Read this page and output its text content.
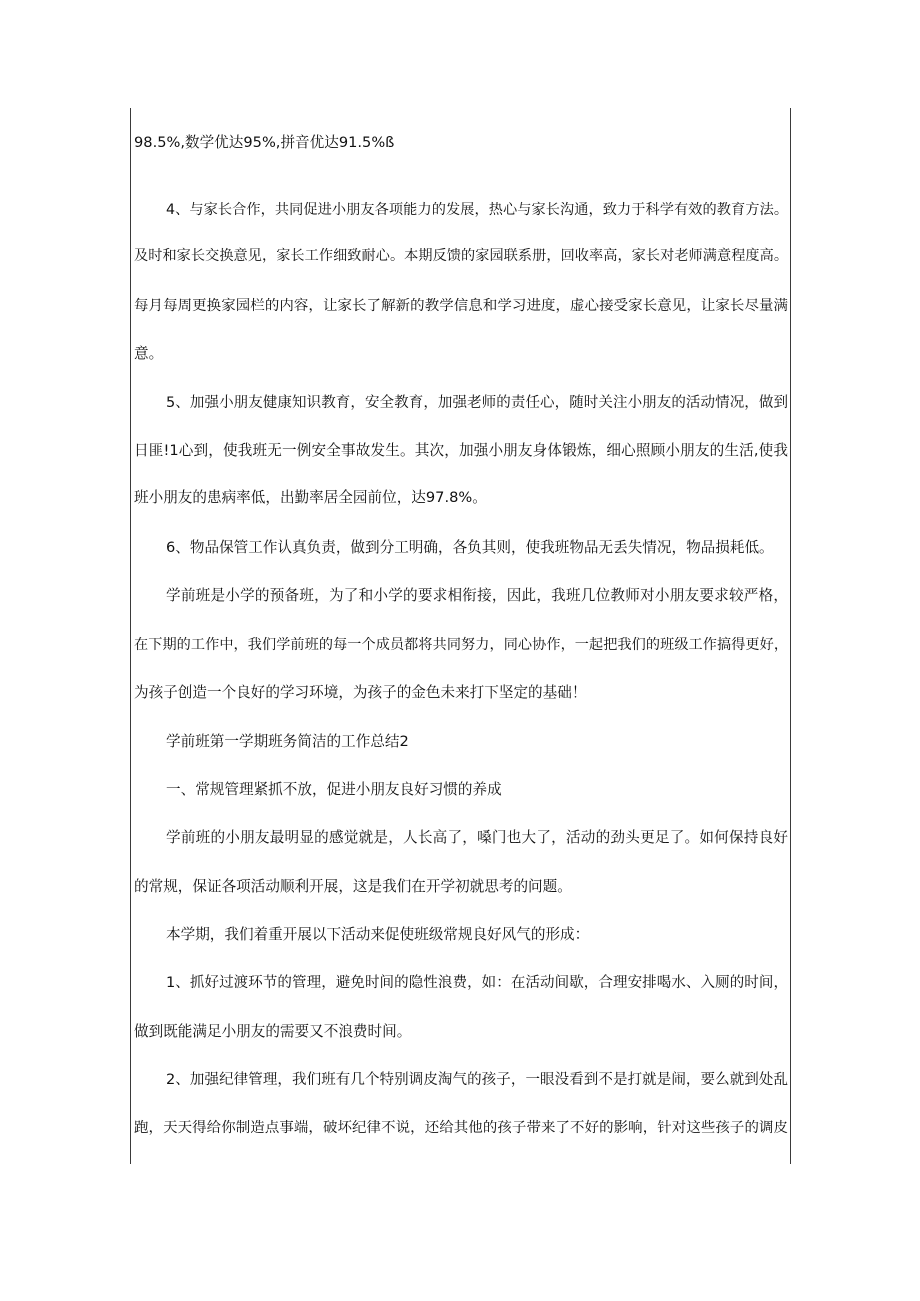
98.5%,数学优达95%,拼音优达91.5%ß
4、与家长合作，共同促进小朋友各项能力的发展，热心与家长沟通，致力于科学有效的教育方法。
及时和家长交换意见，家长工作细致耐心。本期反馈的家园联系册，回收率高，家长对老师满意程度高。
每月每周更换家园栏的内容，让家长了解新的教学信息和学习进度，虚心接受家长意见，让家长尽量满
意。
5、加强小朋友健康知识教育，安全教育，加强老师的责任心，随时关注小朋友的活动情况，做到
日匪!1心到，使我班无一例安全事故发生。其次，加强小朋友身体锻炼，细心照顾小朋友的生活,使我
班小朋友的患病率低，出勤率居全园前位，达97.8%。
6、物品保管工作认真负责，做到分工明确，各负其则，使我班物品无丢失情况，物品损耗低。
学前班是小学的预备班，为了和小学的要求相衔接，因此，我班几位教师对小朋友要求较严格，
在下期的工作中，我们学前班的每一个成员都将共同努力，同心协作，一起把我们的班级工作搞得更好，
为孩子创造一个良好的学习环境，为孩子的金色未来打下坚定的基础！
学前班第一学期班务简洁的工作总结2
一、常规管理紧抓不放，促进小朋友良好习惯的养成
学前班的小朋友最明显的感觉就是，人长高了，嗓门也大了，活动的劲头更足了。如何保持良好
的常规，保证各项活动顺利开展，这是我们在开学初就思考的问题。
本学期，我们着重开展以下活动来促使班级常规良好风气的形成：
1、抓好过渡环节的管理，避免时间的隐性浪费，如：在活动间歇，合理安排喝水、入厕的时间，
做到既能满足小朋友的需要又不浪费时间。
2、加强纪律管理，我们班有几个特别调皮淘气的孩子，一眼没看到不是打就是闹，要么就到处乱
跑，天天得给你制造点事端，破坏纪律不说，还给其他的孩子带来了不好的影响，针对这些孩子的调皮
